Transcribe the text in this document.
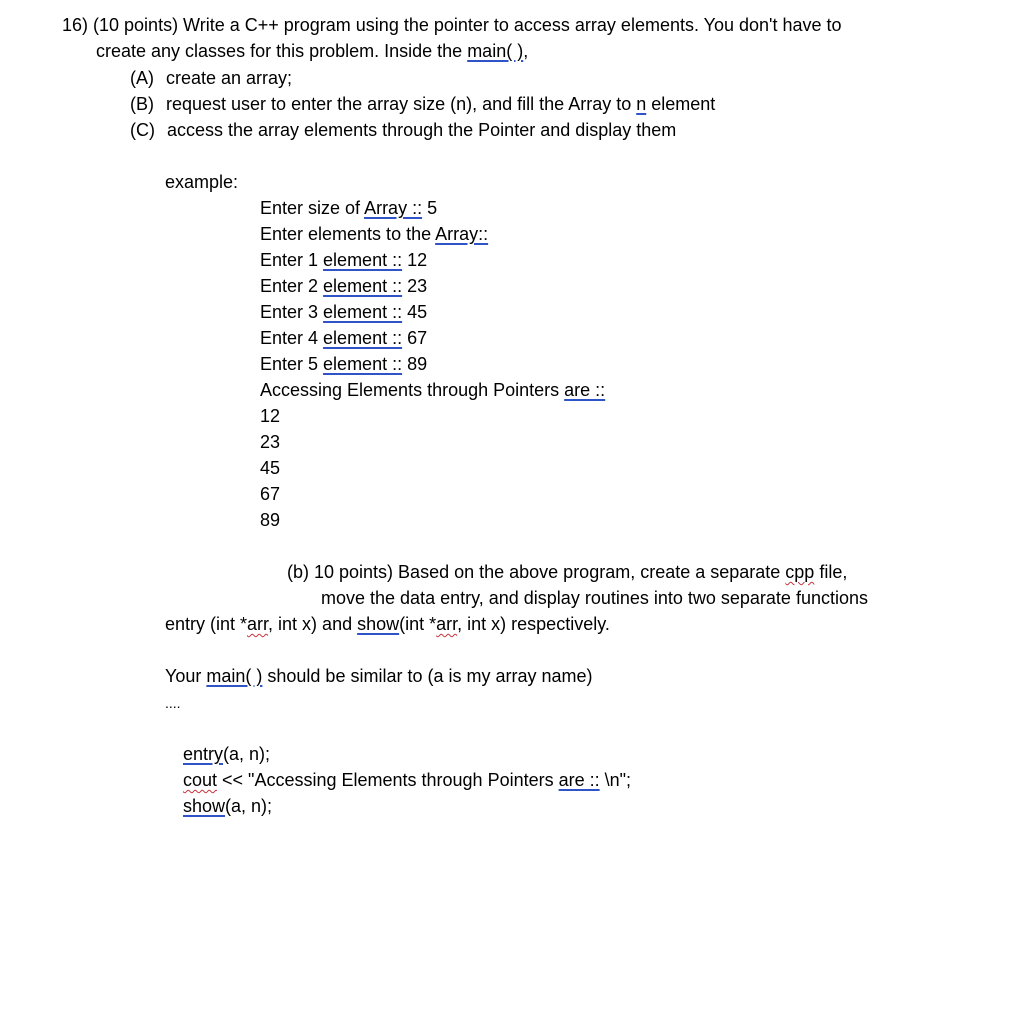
16) (10 points) Write a C++ program using the pointer to access array elements. You don't have to
create any classes for this problem. Inside the main( ),
(A) create an array;
(B) request user to enter the array size (n), and fill the Array to n element
(C) access the array elements through the Pointer and display them
example:
Enter size of Array :: 5
Enter elements to the Array::
Enter 1 element :: 12
Enter 2 element :: 23
Enter 3 element :: 45
Enter 4 element :: 67
Enter 5 element :: 89
Accessing Elements through Pointers are ::
12
23
45
67
89
(b) 10 points) Based on the above program, create a separate cpp file,
move the data entry, and display routines into two separate functions
entry (int *arr, int x) and show(int *arr, int x) respectively.
Your main( ) should be similar to (a is my array name)
....
entry(a, n);
cout << "Accessing Elements through Pointers are :: \n";
show(a, n);
